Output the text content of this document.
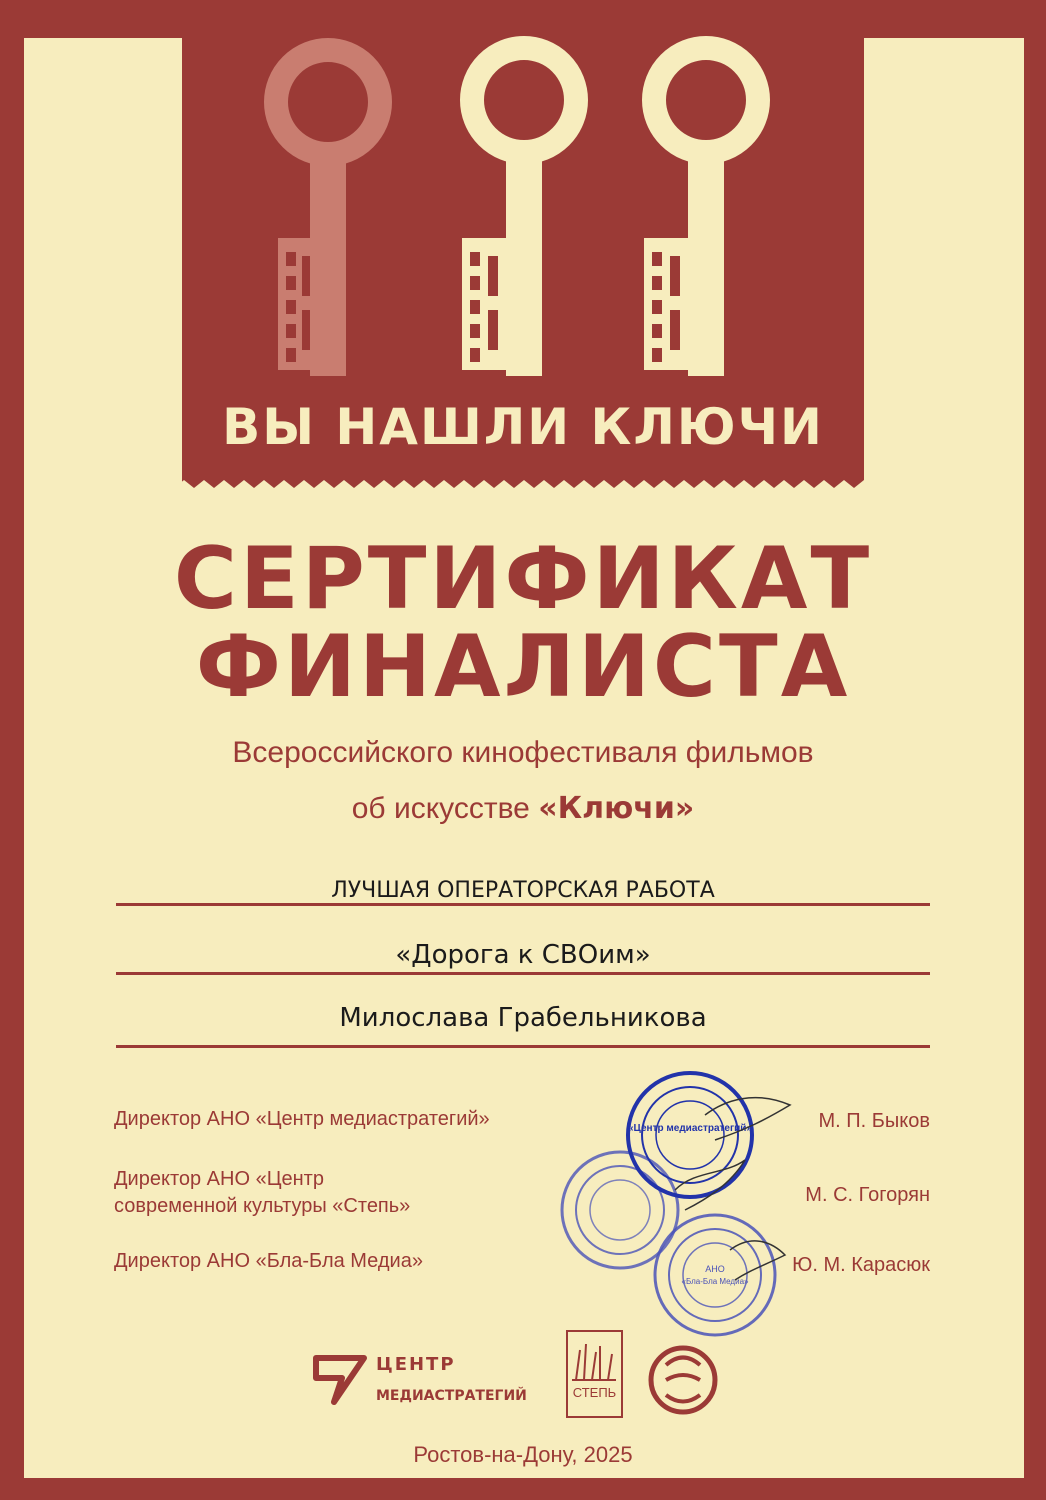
ВЫ НАШЛИ КЛЮЧИ
СЕРТИФИКАТ
ФИНАЛИСТА
Всероссийского кинофестиваля фильмов
об искусстве «Ключи»
ЛУЧШАЯ ОПЕРАТОРСКАЯ РАБОТА
«Дорога к СВОим»
Милослава Грабельникова
Директор АНО «Центр медиастратегий»	М. П. Быков
Директор АНО «Центр
современной культуры «Степь»	М. С. Гогорян
Директор АНО «Бла-Бла Медиа»	Ю. М. Карасюк
«Центр медиастратегий»
АНО
«Бла-Бла Медиа»
ЦЕНТР
МЕДИАСТРАТЕГИЙ	СТЕПЬ
Ростов-на-Дону, 2025
